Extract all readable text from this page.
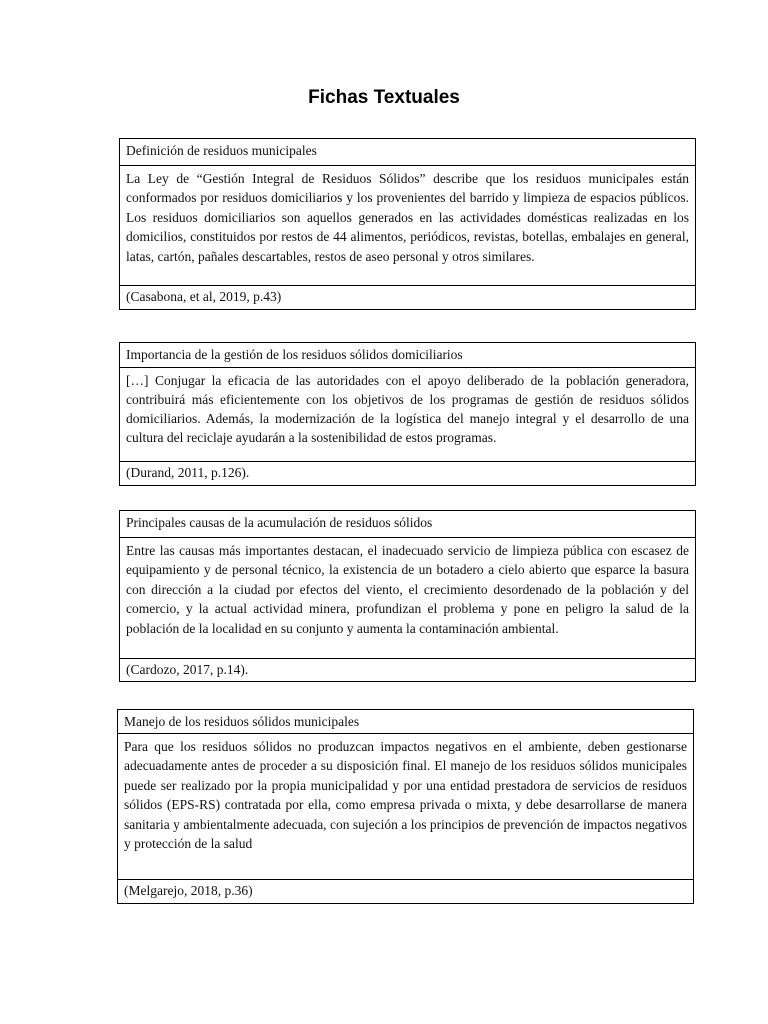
Fichas Textuales
Definición de residuos municipales
La Ley de “Gestión Integral de Residuos Sólidos” describe que los residuos municipales están conformados por residuos domiciliarios y los provenientes del barrido y limpieza de espacios públicos. Los residuos domiciliarios son aquellos generados en las actividades domésticas realizadas en los domicilios, constituidos por restos de 44 alimentos, periódicos, revistas, botellas, embalajes en general, latas, cartón, pañales descartables, restos de aseo personal y otros similares.
(Casabona, et al, 2019, p.43)
Importancia de la gestión de los residuos sólidos domiciliarios
[…] Conjugar la eficacia de las autoridades con el apoyo deliberado de la población generadora, contribuirá más eficientemente con los objetivos de los programas de gestión de residuos sólidos domiciliarios. Además, la modernización de la logística del manejo integral y el desarrollo de una cultura del reciclaje ayudarán a la sostenibilidad de estos programas.
(Durand, 2011, p.126).
Principales causas de la acumulación de residuos sólidos
Entre las causas más importantes destacan, el inadecuado servicio de limpieza pública con escasez de equipamiento y de personal técnico, la existencia de un botadero a cielo abierto que esparce la basura con dirección a la ciudad por efectos del viento, el crecimiento desordenado de la población y del comercio, y la actual actividad minera, profundizan el problema y pone en peligro la salud de la población de la localidad en su conjunto y aumenta la contaminación ambiental.
(Cardozo, 2017, p.14).
Manejo de los residuos sólidos municipales
Para que los residuos sólidos no produzcan impactos negativos en el ambiente, deben gestionarse adecuadamente antes de proceder a su disposición final. El manejo de los residuos sólidos municipales puede ser realizado por la propia municipalidad y por una entidad prestadora de servicios de residuos sólidos (EPS-RS) contratada por ella, como empresa privada o mixta, y debe desarrollarse de manera sanitaria y ambientalmente adecuada, con sujeción a los principios de prevención de impactos negativos y protección de la salud
(Melgarejo, 2018, p.36)
